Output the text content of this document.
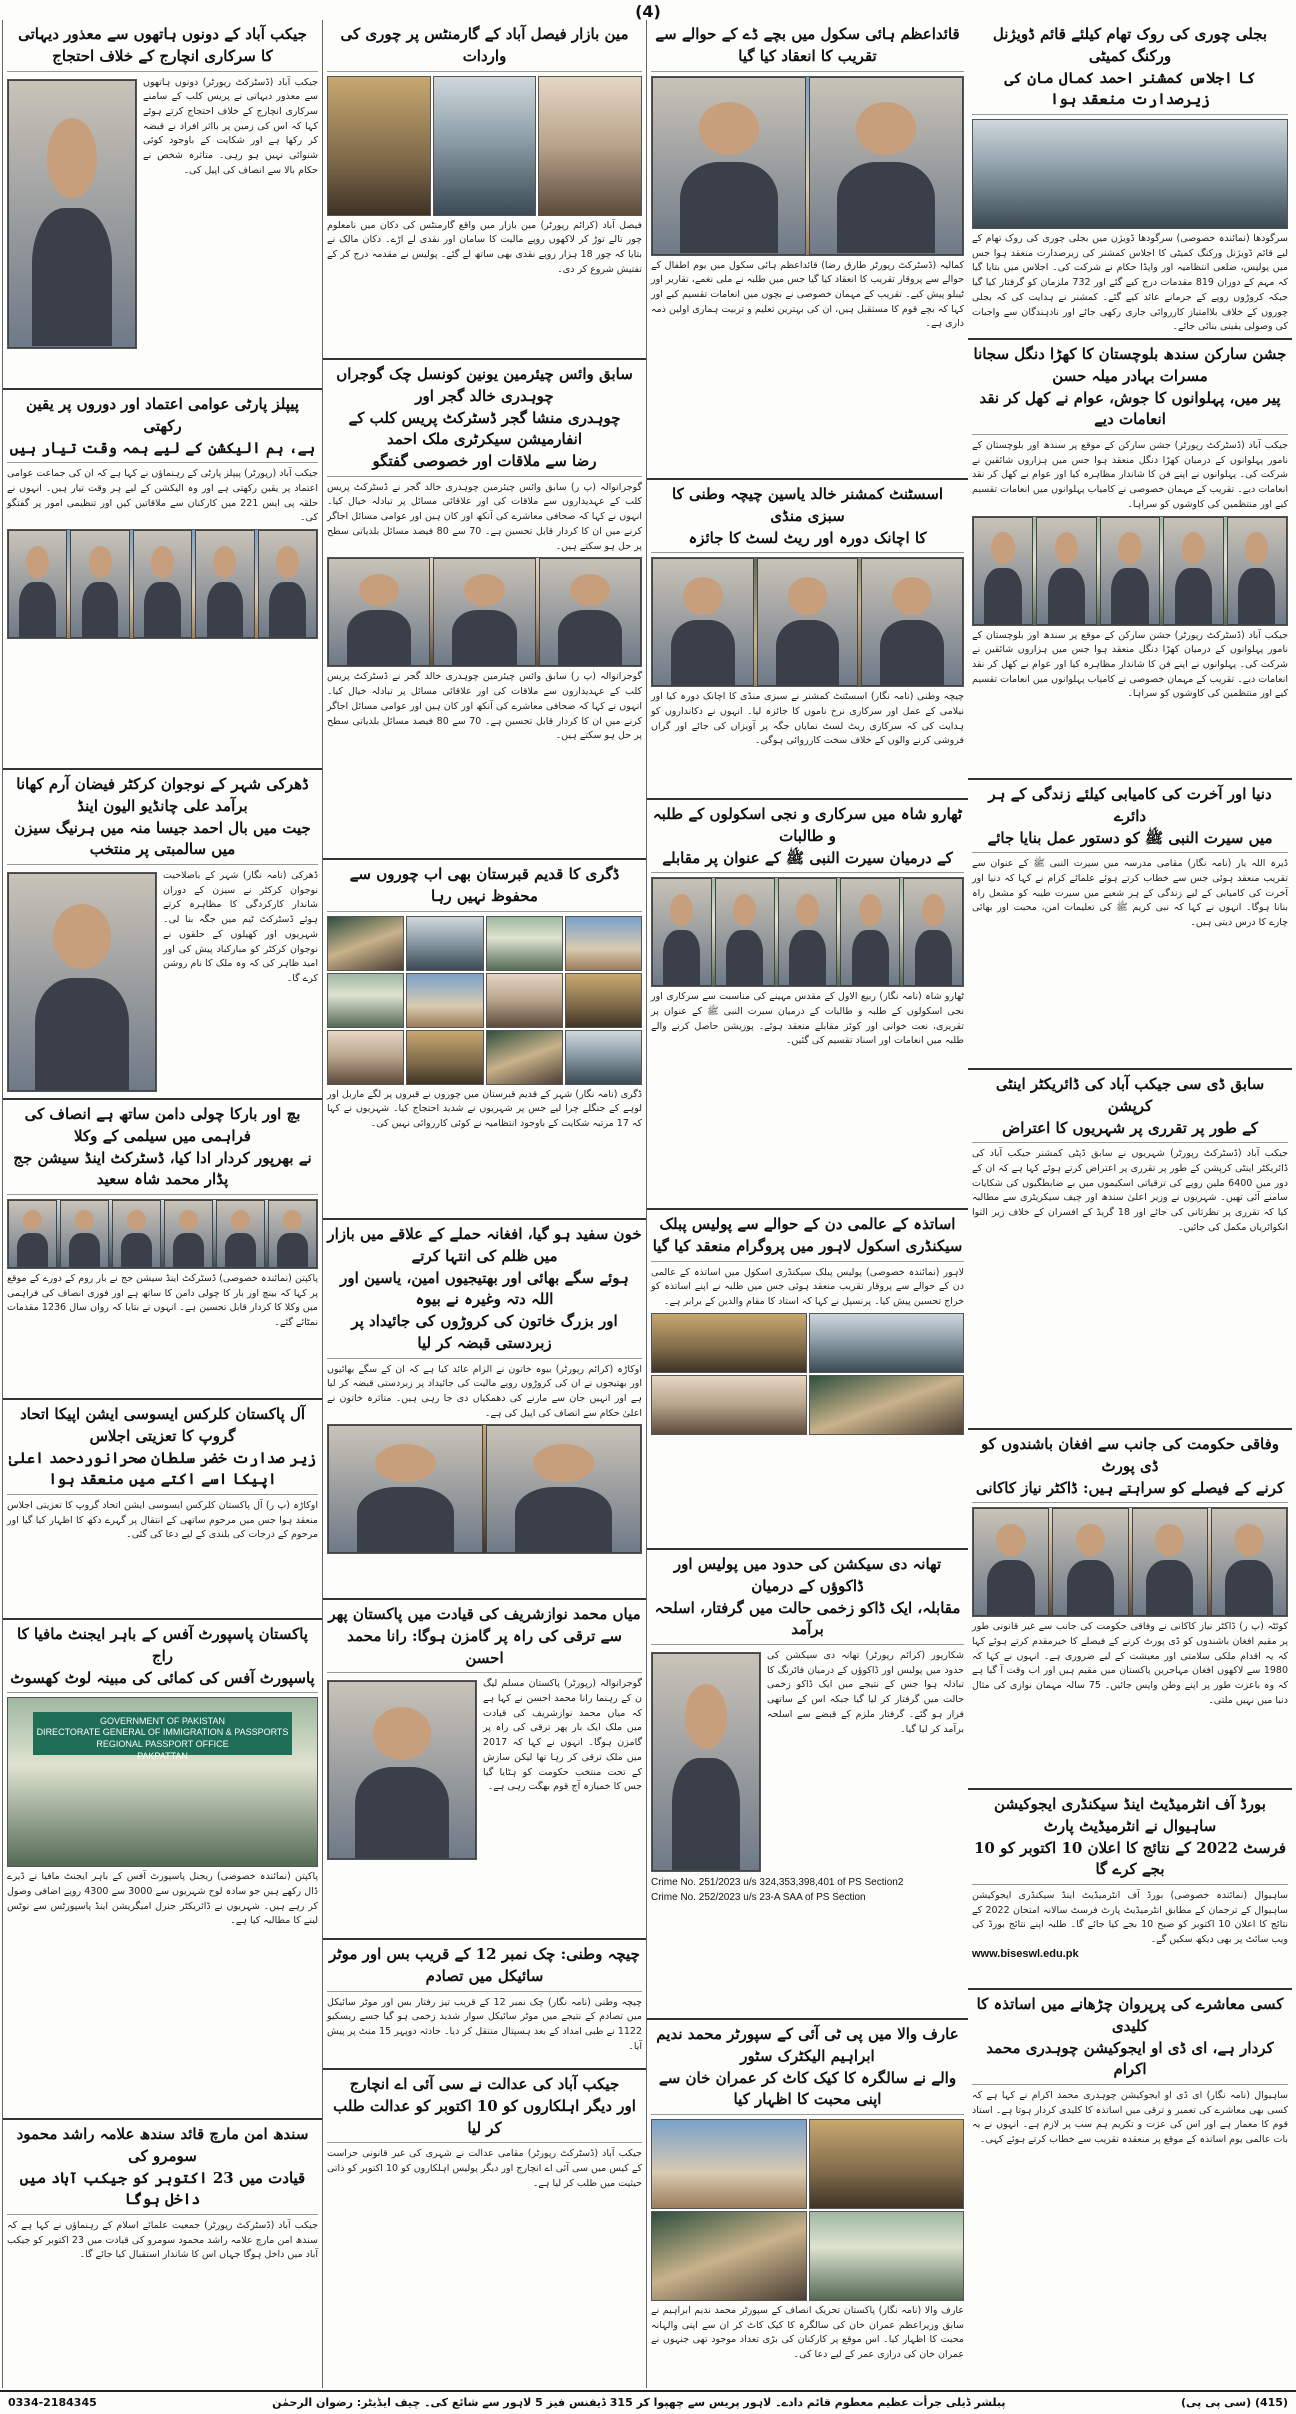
(4)
بجلی چوری کی روک تھام کیلئے قائم ڈویژنل ورکنگ کمیٹی
کا اجلاس کمشنر احمد کمال مان کی زیرصدارت منعقد ہوا
سرگودھا (نمائندہ خصوصی) سرگودھا ڈویژن میں بجلی چوری کی روک تھام کے لیے قائم ڈویژنل ورکنگ کمیٹی کا اجلاس کمشنر کی زیرصدارت منعقد ہوا جس میں پولیس، ضلعی انتظامیہ اور واپڈا حکام نے شرکت کی۔ اجلاس میں بتایا گیا کہ مہم کے دوران 819 مقدمات درج کیے گئے اور 732 ملزمان کو گرفتار کیا گیا جبکہ کروڑوں روپے کے جرمانے عائد کیے گئے۔ کمشنر نے ہدایت کی کہ بجلی چوروں کے خلاف بلاامتیاز کارروائی جاری رکھی جائے اور نادہندگان سے واجبات کی وصولی یقینی بنائی جائے۔
جشن سارکن سندھ بلوچستان کا کھڑا دنگل سجانا مسرات بہادر میلہ حسن
پیر میں، پہلوانوں کا جوش، عوام نے کھل کر نقد انعامات دیے
جیکب آباد (ڈسٹرکٹ رپورٹر) جشن سارکن کے موقع پر سندھ اور بلوچستان کے نامور پہلوانوں کے درمیان کھڑا دنگل منعقد ہوا جس میں ہزاروں شائقین نے شرکت کی۔ پہلوانوں نے اپنے فن کا شاندار مظاہرہ کیا اور عوام نے کھل کر نقد انعامات دیے۔ تقریب کے مہمان خصوصی نے کامیاب پہلوانوں میں انعامات تقسیم کیے اور منتظمین کی کاوشوں کو سراہا۔
جیکب آباد (ڈسٹرکٹ رپورٹر) جشن سارکن کے موقع پر سندھ اور بلوچستان کے نامور پہلوانوں کے درمیان کھڑا دنگل منعقد ہوا جس میں ہزاروں شائقین نے شرکت کی۔ پہلوانوں نے اپنے فن کا شاندار مظاہرہ کیا اور عوام نے کھل کر نقد انعامات دیے۔ تقریب کے مہمان خصوصی نے کامیاب پہلوانوں میں انعامات تقسیم کیے اور منتظمین کی کاوشوں کو سراہا۔
دنیا اور آخرت کی کامیابی کیلئے زندگی کے ہر دائرے
میں سیرت النبی ﷺ کو دستور عمل بنایا جائے
ڈیرہ اللہ یار (نامہ نگار) مقامی مدرسہ میں سیرت النبی ﷺ کے عنوان سے تقریب منعقد ہوئی جس سے خطاب کرتے ہوئے علمائے کرام نے کہا کہ دنیا اور آخرت کی کامیابی کے لیے زندگی کے ہر شعبے میں سیرت طیبہ کو مشعل راہ بنانا ہوگا۔ انہوں نے کہا کہ نبی کریم ﷺ کی تعلیمات امن، محبت اور بھائی چارے کا درس دیتی ہیں۔
سابق ڈی سی جیکب آباد کی ڈائریکٹر اینٹی کرپشن
کے طور پر تقرری پر شہریوں کا اعتراض
جیکب آباد (ڈسٹرکٹ رپورٹر) شہریوں نے سابق ڈپٹی کمشنر جیکب آباد کی ڈائریکٹر اینٹی کرپشن کے طور پر تقرری پر اعتراض کرتے ہوئے کہا ہے کہ ان کے دور میں 6400 ملین روپے کی ترقیاتی اسکیموں میں بے ضابطگیوں کی شکایات سامنے آئی تھیں۔ شہریوں نے وزیر اعلیٰ سندھ اور چیف سیکریٹری سے مطالبہ کیا کہ تقرری پر نظرثانی کی جائے اور 18 گریڈ کے افسران کے خلاف زیر التوا انکوائریاں مکمل کی جائیں۔
وفاقی حکومت کی جانب سے افغان باشندوں کو ڈی پورٹ
کرنے کے فیصلے کو سراہتے ہیں: ڈاکٹر نیاز کاکانی
کوئٹہ (پ ر) ڈاکٹر نیاز کاکانی نے وفاقی حکومت کی جانب سے غیر قانونی طور پر مقیم افغان باشندوں کو ڈی پورٹ کرنے کے فیصلے کا خیرمقدم کرتے ہوئے کہا کہ یہ اقدام ملکی سلامتی اور معیشت کے لیے ضروری ہے۔ انہوں نے کہا کہ 1980 سے لاکھوں افغان مہاجرین پاکستان میں مقیم ہیں اور اب وقت آ گیا ہے کہ وہ باعزت طور پر اپنے وطن واپس جائیں۔ 75 سالہ مہمان نوازی کی مثال دنیا میں نہیں ملتی۔
بورڈ آف انٹرمیڈیٹ اینڈ سیکنڈری ایجوکیشن ساہیوال نے انٹرمیڈیٹ پارٹ
فرسٹ 2022 کے نتائج کا اعلان 10 اکتوبر کو 10 بجے کرے گا
ساہیوال (نمائندہ خصوصی) بورڈ آف انٹرمیڈیٹ اینڈ سیکنڈری ایجوکیشن ساہیوال کے ترجمان کے مطابق انٹرمیڈیٹ پارٹ فرسٹ سالانہ امتحان 2022 کے نتائج کا اعلان 10 اکتوبر کو صبح 10 بجے کیا جائے گا۔ طلبہ اپنے نتائج بورڈ کی ویب سائٹ پر بھی دیکھ سکیں گے۔
www.biseswl.edu.pk
کسی معاشرے کی پرپروان چڑھانے میں اساتذہ کا کلیدی
کردار ہے، ای ڈی او ایجوکیشن چوہدری محمد اکرام
ساہیوال (نامہ نگار) ای ڈی او ایجوکیشن چوہدری محمد اکرام نے کہا ہے کہ کسی بھی معاشرے کی تعمیر و ترقی میں اساتذہ کا کلیدی کردار ہوتا ہے۔ استاد قوم کا معمار ہے اور اس کی عزت و تکریم ہم سب پر لازم ہے۔ انہوں نے یہ بات عالمی یوم اساتذہ کے موقع پر منعقدہ تقریب سے خطاب کرتے ہوئے کہی۔
قائداعظم ہائی سکول میں بچے ڈے کے حوالے سے تقریب کا انعقاد کیا گیا
کمالیہ (ڈسٹرکٹ رپورٹر طارق رضا) قائداعظم ہائی سکول میں یوم اطفال کے حوالے سے پروقار تقریب کا انعقاد کیا گیا جس میں طلبہ نے ملی نغمے، تقاریر اور ٹیبلو پیش کیے۔ تقریب کے مہمان خصوصی نے بچوں میں انعامات تقسیم کیے اور کہا کہ بچے قوم کا مستقبل ہیں، ان کی بہترین تعلیم و تربیت ہماری اولین ذمہ داری ہے۔
اسسٹنٹ کمشنر خالد یاسین چیچہ وطنی کا سبزی منڈی
کا اچانک دورہ اور ریٹ لسٹ کا جائزہ
چیچہ وطنی (نامہ نگار) اسسٹنٹ کمشنر نے سبزی منڈی کا اچانک دورہ کیا اور نیلامی کے عمل اور سرکاری نرخ ناموں کا جائزہ لیا۔ انہوں نے دکانداروں کو ہدایت کی کہ سرکاری ریٹ لسٹ نمایاں جگہ پر آویزاں کی جائے اور گراں فروشی کرنے والوں کے خلاف سخت کارروائی ہوگی۔
ٹھارو شاہ میں سرکاری و نجی اسکولوں کے طلبہ و طالبات
کے درمیان سیرت النبی ﷺ کے عنوان پر مقابلے
ٹھارو شاہ (نامہ نگار) ربیع الاول کے مقدس مہینے کی مناسبت سے سرکاری اور نجی اسکولوں کے طلبہ و طالبات کے درمیان سیرت النبی ﷺ کے عنوان پر تقریری، نعت خوانی اور کوئز مقابلے منعقد ہوئے۔ پوزیشن حاصل کرنے والے طلبہ میں انعامات اور اسناد تقسیم کی گئیں۔
اساتذہ کے عالمی دن کے حوالے سے پولیس پبلک
سیکنڈری اسکول لاہور میں پروگرام منعقد کیا گیا
لاہور (نمائندہ خصوصی) پولیس پبلک سیکنڈری اسکول میں اساتذہ کے عالمی دن کے حوالے سے پروقار تقریب منعقد ہوئی جس میں طلبہ نے اپنے اساتذہ کو خراج تحسین پیش کیا۔ پرنسپل نے کہا کہ استاد کا مقام والدین کے برابر ہے۔
تھانہ دی سیکشن کی حدود میں پولیس اور ڈاکوؤں کے درمیان
مقابلہ، ایک ڈاکو زخمی حالت میں گرفتار، اسلحہ برآمد
شکارپور (کرائم رپورٹر) تھانہ دی سیکشن کی حدود میں پولیس اور ڈاکوؤں کے درمیان فائرنگ کا تبادلہ ہوا جس کے نتیجے میں ایک ڈاکو زخمی حالت میں گرفتار کر لیا گیا جبکہ اس کے ساتھی فرار ہو گئے۔ گرفتار ملزم کے قبضے سے اسلحہ برآمد کر لیا گیا۔
Crime No. 251/2023 u/s 324,353,398,401 of PS Section2
Crime No. 252/2023 u/s 23-A SAA of PS Section
عارف والا میں پی ٹی آئی کے سپورٹر محمد ندیم ابراہیم الیکٹرک سٹور
والے نے سالگرہ کا کیک کاٹ کر عمران خان سے اپنی محبت کا اظہار کیا
عارف والا (نامہ نگار) پاکستان تحریک انصاف کے سپورٹر محمد ندیم ابراہیم نے سابق وزیراعظم عمران خان کی سالگرہ کا کیک کاٹ کر ان سے اپنی والہانہ محبت کا اظہار کیا۔ اس موقع پر کارکنان کی بڑی تعداد موجود تھی جنہوں نے عمران خان کی درازی عمر کے لیے دعا کی۔
مین بازار فیصل آباد کے گارمنٹس پر چوری کی واردات
فیصل آباد (کرائم رپورٹر) مین بازار میں واقع گارمنٹس کی دکان میں نامعلوم چور تالے توڑ کر لاکھوں روپے مالیت کا سامان اور نقدی لے اڑے۔ دکان مالک نے بتایا کہ چور 18 ہزار روپے نقدی بھی ساتھ لے گئے۔ پولیس نے مقدمہ درج کر کے تفتیش شروع کر دی۔
سابق وائس چیئرمین یونین کونسل چک گوجراں چوہدری خالد گجر اور
چوہدری منشا گجر ڈسٹرکٹ پریس کلب کے انفارمیشن سیکرٹری ملک احمد
رضا سے ملاقات اور خصوصی گفتگو
گوجرانوالہ (پ ر) سابق وائس چیئرمین چوہدری خالد گجر نے ڈسٹرکٹ پریس کلب کے عہدیداروں سے ملاقات کی اور علاقائی مسائل پر تبادلہ خیال کیا۔ انہوں نے کہا کہ صحافی معاشرے کی آنکھ اور کان ہیں اور عوامی مسائل اجاگر کرنے میں ان کا کردار قابل تحسین ہے۔ 70 سے 80 فیصد مسائل بلدیاتی سطح پر حل ہو سکتے ہیں۔
گوجرانوالہ (پ ر) سابق وائس چیئرمین چوہدری خالد گجر نے ڈسٹرکٹ پریس کلب کے عہدیداروں سے ملاقات کی اور علاقائی مسائل پر تبادلہ خیال کیا۔ انہوں نے کہا کہ صحافی معاشرے کی آنکھ اور کان ہیں اور عوامی مسائل اجاگر کرنے میں ان کا کردار قابل تحسین ہے۔ 70 سے 80 فیصد مسائل بلدیاتی سطح پر حل ہو سکتے ہیں۔
ڈگری کا قدیم قبرستان بھی اب چوروں سے محفوظ نہیں رہا
ڈگری (نامہ نگار) شہر کے قدیم قبرستان میں چوروں نے قبروں پر لگے ماربل اور لوہے کے جنگلے چرا لیے جس پر شہریوں نے شدید احتجاج کیا۔ شہریوں نے کہا کہ 17 مرتبہ شکایت کے باوجود انتظامیہ نے کوئی کارروائی نہیں کی۔
خون سفید ہو گیا، افغانہ حملے کے علاقے میں بازار میں ظلم کی انتہا کرتے
ہوئے سگے بھائی اور بھتیجیوں امین، یاسین اور اللہ دتہ وغیرہ نے بیوہ
اور بزرگ خاتون کی کروڑوں کی جائیداد پر زبردستی قبضہ کر لیا
اوکاڑہ (کرائم رپورٹر) بیوہ خاتون نے الزام عائد کیا ہے کہ ان کے سگے بھائیوں اور بھتیجوں نے ان کی کروڑوں روپے مالیت کی جائیداد پر زبردستی قبضہ کر لیا ہے اور انہیں جان سے مارنے کی دھمکیاں دی جا رہی ہیں۔ متاثرہ خاتون نے اعلیٰ حکام سے انصاف کی اپیل کی ہے۔
میاں محمد نوازشریف کی قیادت میں پاکستان پھر
سے ترقی کی راہ پر گامزن ہوگا: رانا محمد احسن
گوجرانوالہ (رپورٹر) پاکستان مسلم لیگ ن کے رہنما رانا محمد احسن نے کہا ہے کہ میاں محمد نوازشریف کی قیادت میں ملک ایک بار پھر ترقی کی راہ پر گامزن ہوگا۔ انہوں نے کہا کہ 2017 میں ملک ترقی کر رہا تھا لیکن سازش کے تحت منتخب حکومت کو ہٹایا گیا جس کا خمیازہ آج قوم بھگت رہی ہے۔
چیچہ وطنی: چک نمبر 12 کے قریب بس اور موٹر سائیکل میں تصادم
چیچہ وطنی (نامہ نگار) چک نمبر 12 کے قریب تیز رفتار بس اور موٹر سائیکل میں تصادم کے نتیجے میں موٹر سائیکل سوار شدید زخمی ہو گیا جسے ریسکیو 1122 نے طبی امداد کے بعد ہسپتال منتقل کر دیا۔ حادثہ دوپہر 15 منٹ پر پیش آیا۔
جیکب آباد کی عدالت نے سی آئی اے انچارج
اور دیگر اہلکاروں کو 10 اکتوبر کو عدالت طلب کر لیا
جیکب آباد (ڈسٹرکٹ رپورٹر) مقامی عدالت نے شہری کی غیر قانونی حراست کے کیس میں سی آئی اے انچارج اور دیگر پولیس اہلکاروں کو 10 اکتوبر کو ذاتی حیثیت میں طلب کر لیا ہے۔
جیکب آباد کے دونوں ہاتھوں سے معذور دیہاتی
کا سرکاری انچارج کے خلاف احتجاج
جیکب آباد (ڈسٹرکٹ رپورٹر) دونوں ہاتھوں سے معذور دیہاتی نے پریس کلب کے سامنے سرکاری انچارج کے خلاف احتجاج کرتے ہوئے کہا کہ اس کی زمین پر بااثر افراد نے قبضہ کر رکھا ہے اور شکایت کے باوجود کوئی شنوائی نہیں ہو رہی۔ متاثرہ شخص نے حکام بالا سے انصاف کی اپیل کی۔
پیپلز پارٹی عوامی اعتماد اور دوروں پر یقین رکھتی
ہے، ہم الیکشن کے لیے ہمہ وقت تیار ہیں
جیکب آباد (رپورٹر) پیپلز پارٹی کے رہنماؤں نے کہا ہے کہ ان کی جماعت عوامی اعتماد پر یقین رکھتی ہے اور وہ الیکشن کے لیے ہر وقت تیار ہیں۔ انہوں نے حلقہ پی ایس 221 میں کارکنان سے ملاقاتیں کیں اور تنظیمی امور پر گفتگو کی۔
ڈھرکی شہر کے نوجوان کرکٹر فیضان آرم کھانا برآمد علی چانڈیو الیون اینڈ
جیت میں بال احمد جیسا منہ میں ہرنیگ سیزن میں سالمبتی پر منتخب
ڈھرکی (نامہ نگار) شہر کے باصلاحیت نوجوان کرکٹر نے سیزن کے دوران شاندار کارکردگی کا مظاہرہ کرتے ہوئے ڈسٹرکٹ ٹیم میں جگہ بنا لی۔ شہریوں اور کھیلوں کے حلقوں نے نوجوان کرکٹر کو مبارکباد پیش کی اور امید ظاہر کی کہ وہ ملک کا نام روشن کرے گا۔
بچ اور بارکا چولی دامن ساتھ ہے انصاف کی فراہمی میں سیلمی کے وکلا
نے بھرپور کردار ادا کیا، ڈسٹرکٹ اینڈ سیشن جج پڈار محمد شاہ سعید
پاکپتن (نمائندہ خصوصی) ڈسٹرکٹ اینڈ سیشن جج نے بار روم کے دورے کے موقع پر کہا کہ بینچ اور بار کا چولی دامن کا ساتھ ہے اور فوری انصاف کی فراہمی میں وکلا کا کردار قابل تحسین ہے۔ انہوں نے بتایا کہ رواں سال 1236 مقدمات نمٹائے گئے۔
آل پاکستان کلرکس ایسوسی ایشن اپیکا اتحاد گروپ کا تعزیتی اجلاس
زیر صدارت خضر سلطان صحرانوردحمد اعلیٰ اپیکا اسے اکتے میں منعقد ہوا
اوکاڑہ (پ ر) آل پاکستان کلرکس ایسوسی ایشن اتحاد گروپ کا تعزیتی اجلاس منعقد ہوا جس میں مرحوم ساتھی کے انتقال پر گہرے دکھ کا اظہار کیا گیا اور مرحوم کے درجات کی بلندی کے لیے دعا کی گئی۔
پاکستان پاسپورٹ آفس کے باہر ایجنٹ مافیا کا راج
پاسپورٹ آفس کی کمائی کی مبینہ لوٹ کھسوٹ
GOVERNMENT OF PAKISTAN
DIRECTORATE GENERAL OF IMMIGRATION & PASSPORTS
REGIONAL PASSPORT OFFICE
PAKPATTAN
پاکپتن (نمائندہ خصوصی) ریجنل پاسپورٹ آفس کے باہر ایجنٹ مافیا نے ڈیرے ڈال رکھے ہیں جو سادہ لوح شہریوں سے 3000 سے 4300 روپے اضافی وصول کر رہے ہیں۔ شہریوں نے ڈائریکٹر جنرل امیگریشن اینڈ پاسپورٹس سے نوٹس لینے کا مطالبہ کیا ہے۔
سندھ امن مارچ قائد سندھ علامہ راشد محمود سومرو کی
قیادت میں 23 اکتوبر کو جیکب آباد میں داخل ہوگا
جیکب آباد (ڈسٹرکٹ رپورٹر) جمعیت علمائے اسلام کے رہنماؤں نے کہا ہے کہ سندھ امن مارچ علامہ راشد محمود سومرو کی قیادت میں 23 اکتوبر کو جیکب آباد میں داخل ہوگا جہاں اس کا شاندار استقبال کیا جائے گا۔
(415) (سی پی پی)
پبلشر ڈیلی جرأت عظیم معطوم قائم دادے۔ لاہور پریس سے چھپوا کر 315 ڈیفنس فیز 5 لاہور سے شائع کی۔ چیف ایڈیٹر: رضوان الرحمٰن
0334-2184345
